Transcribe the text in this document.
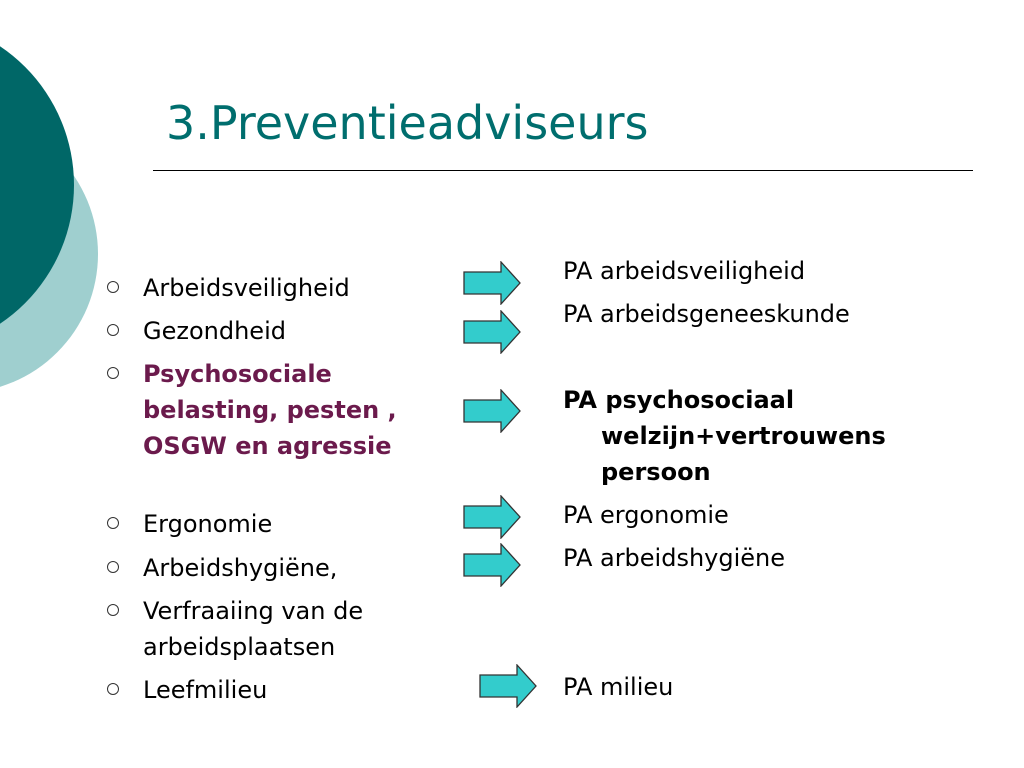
3.Preventieadviseurs
Arbeidsveiligheid
Gezondheid
Psychosociale belasting, pesten , OSGW en agressie
Ergonomie
Arbeidshygiëne,
Verfraaiing van de arbeidsplaatsen
Leefmilieu
PA arbeidsveiligheid
PA arbeidsgeneeskunde
PA psychosociaal welzijn+vertrouwens persoon
PA ergonomie
PA arbeidshygiëne
PA milieu
